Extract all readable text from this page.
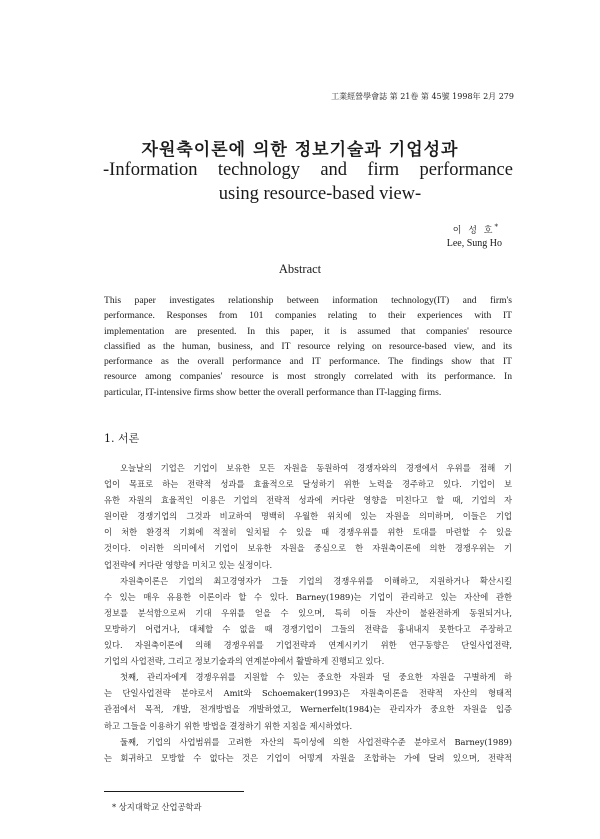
工業經營學會誌 第 21卷 第 45號 1998年 2月 279
자원축이론에 의한 정보기술과 기업성과
-Information technology and firm performance
using resource-based view-
이 성 호*
Lee, Sung Ho
Abstract
This paper investigates relationship between information technology(IT) and firm's
performance. Responses from 101 companies relating to their experiences with IT
implementation are presented. In this paper, it is assumed that companies' resource
classified as the human, business, and IT resource relying on resource-based view, and its
performance as the overall performance and IT performance. The findings show that IT
resource among companies' resource is most strongly correlated with its performance. In
particular, IT-intensive firms show better the overall performance than IT-lagging firms.
1. 서론
오늘날의 기업은 기업이 보유한 모든 자원을 동원하여 경쟁자와의 경쟁에서 우위를 점해 기
업이 목표로 하는 전략적 성과를 효율적으로 달성하기 위한 노력을 경주하고 있다. 기업이 보
유한 자원의 효율적인 이용은 기업의 전략적 성과에 커다란 영향을 미친다고 할 때, 기업의 자
원이란 경쟁기업의 그것과 비교하여 명백히 우월한 위치에 있는 자원을 의미하며, 이들은 기업
이 처한 환경적 기회에 적절히 일치될 수 있을 때 경쟁우위를 위한 토대를 마련할 수 있을
것이다. 이러한 의미에서 기업이 보유한 자원을 중심으로 한 자원축이론에 의한 경쟁우위는 기
업전략에 커다란 영향을 미치고 있는 실정이다.
자원축이론은 기업의 최고경영자가 그들 기업의 경쟁우위를 이해하고, 지원하거나 확산시킬
수 있는 매우 유용한 이론이라 할 수 있다. Barney(1989)는 기업이 관리하고 있는 자산에 관한
정보를 분석함으로써 기대 우위를 얻을 수 있으며, 특히 이들 자산이 불완전하게 동원되거나,
모방하기 어렵거나, 대체할 수 없을 때 경쟁기업이 그들의 전략을 흉내내지 못한다고 주장하고
있다. 자원축이론에 의해 경쟁우위를 기업전략과 연계시키기 위한 연구동향은 단일사업전략,
기업의 사업전략, 그리고 정보기술과의 연계분야에서 활발하게 진행되고 있다.
첫째, 관리자에게 경쟁우위를 지원할 수 있는 중요한 자원과 덜 중요한 자원을 구별하게 하
는 단일사업전략 분야로서 Amit와 Schoemaker(1993)은 자원축이론을 전략적 자산의 형태적
관점에서 목적, 개발, 전개방법을 개발하였고, Wernerfelt(1984)는 관리자가 중요한 자원을 입증
하고 그들을 이용하기 위한 방법을 결정하기 위한 지침을 제시하였다.
둘째, 기업의 사업범위를 고려한 자산의 특이성에 의한 사업전략수준 분야로서 Barney(1989)
는 회귀하고 모방할 수 없다는 것은 기업이 어떻게 자원을 조합하는 가에 달려 있으며, 전략적
* 상지대학교 산업공학과
